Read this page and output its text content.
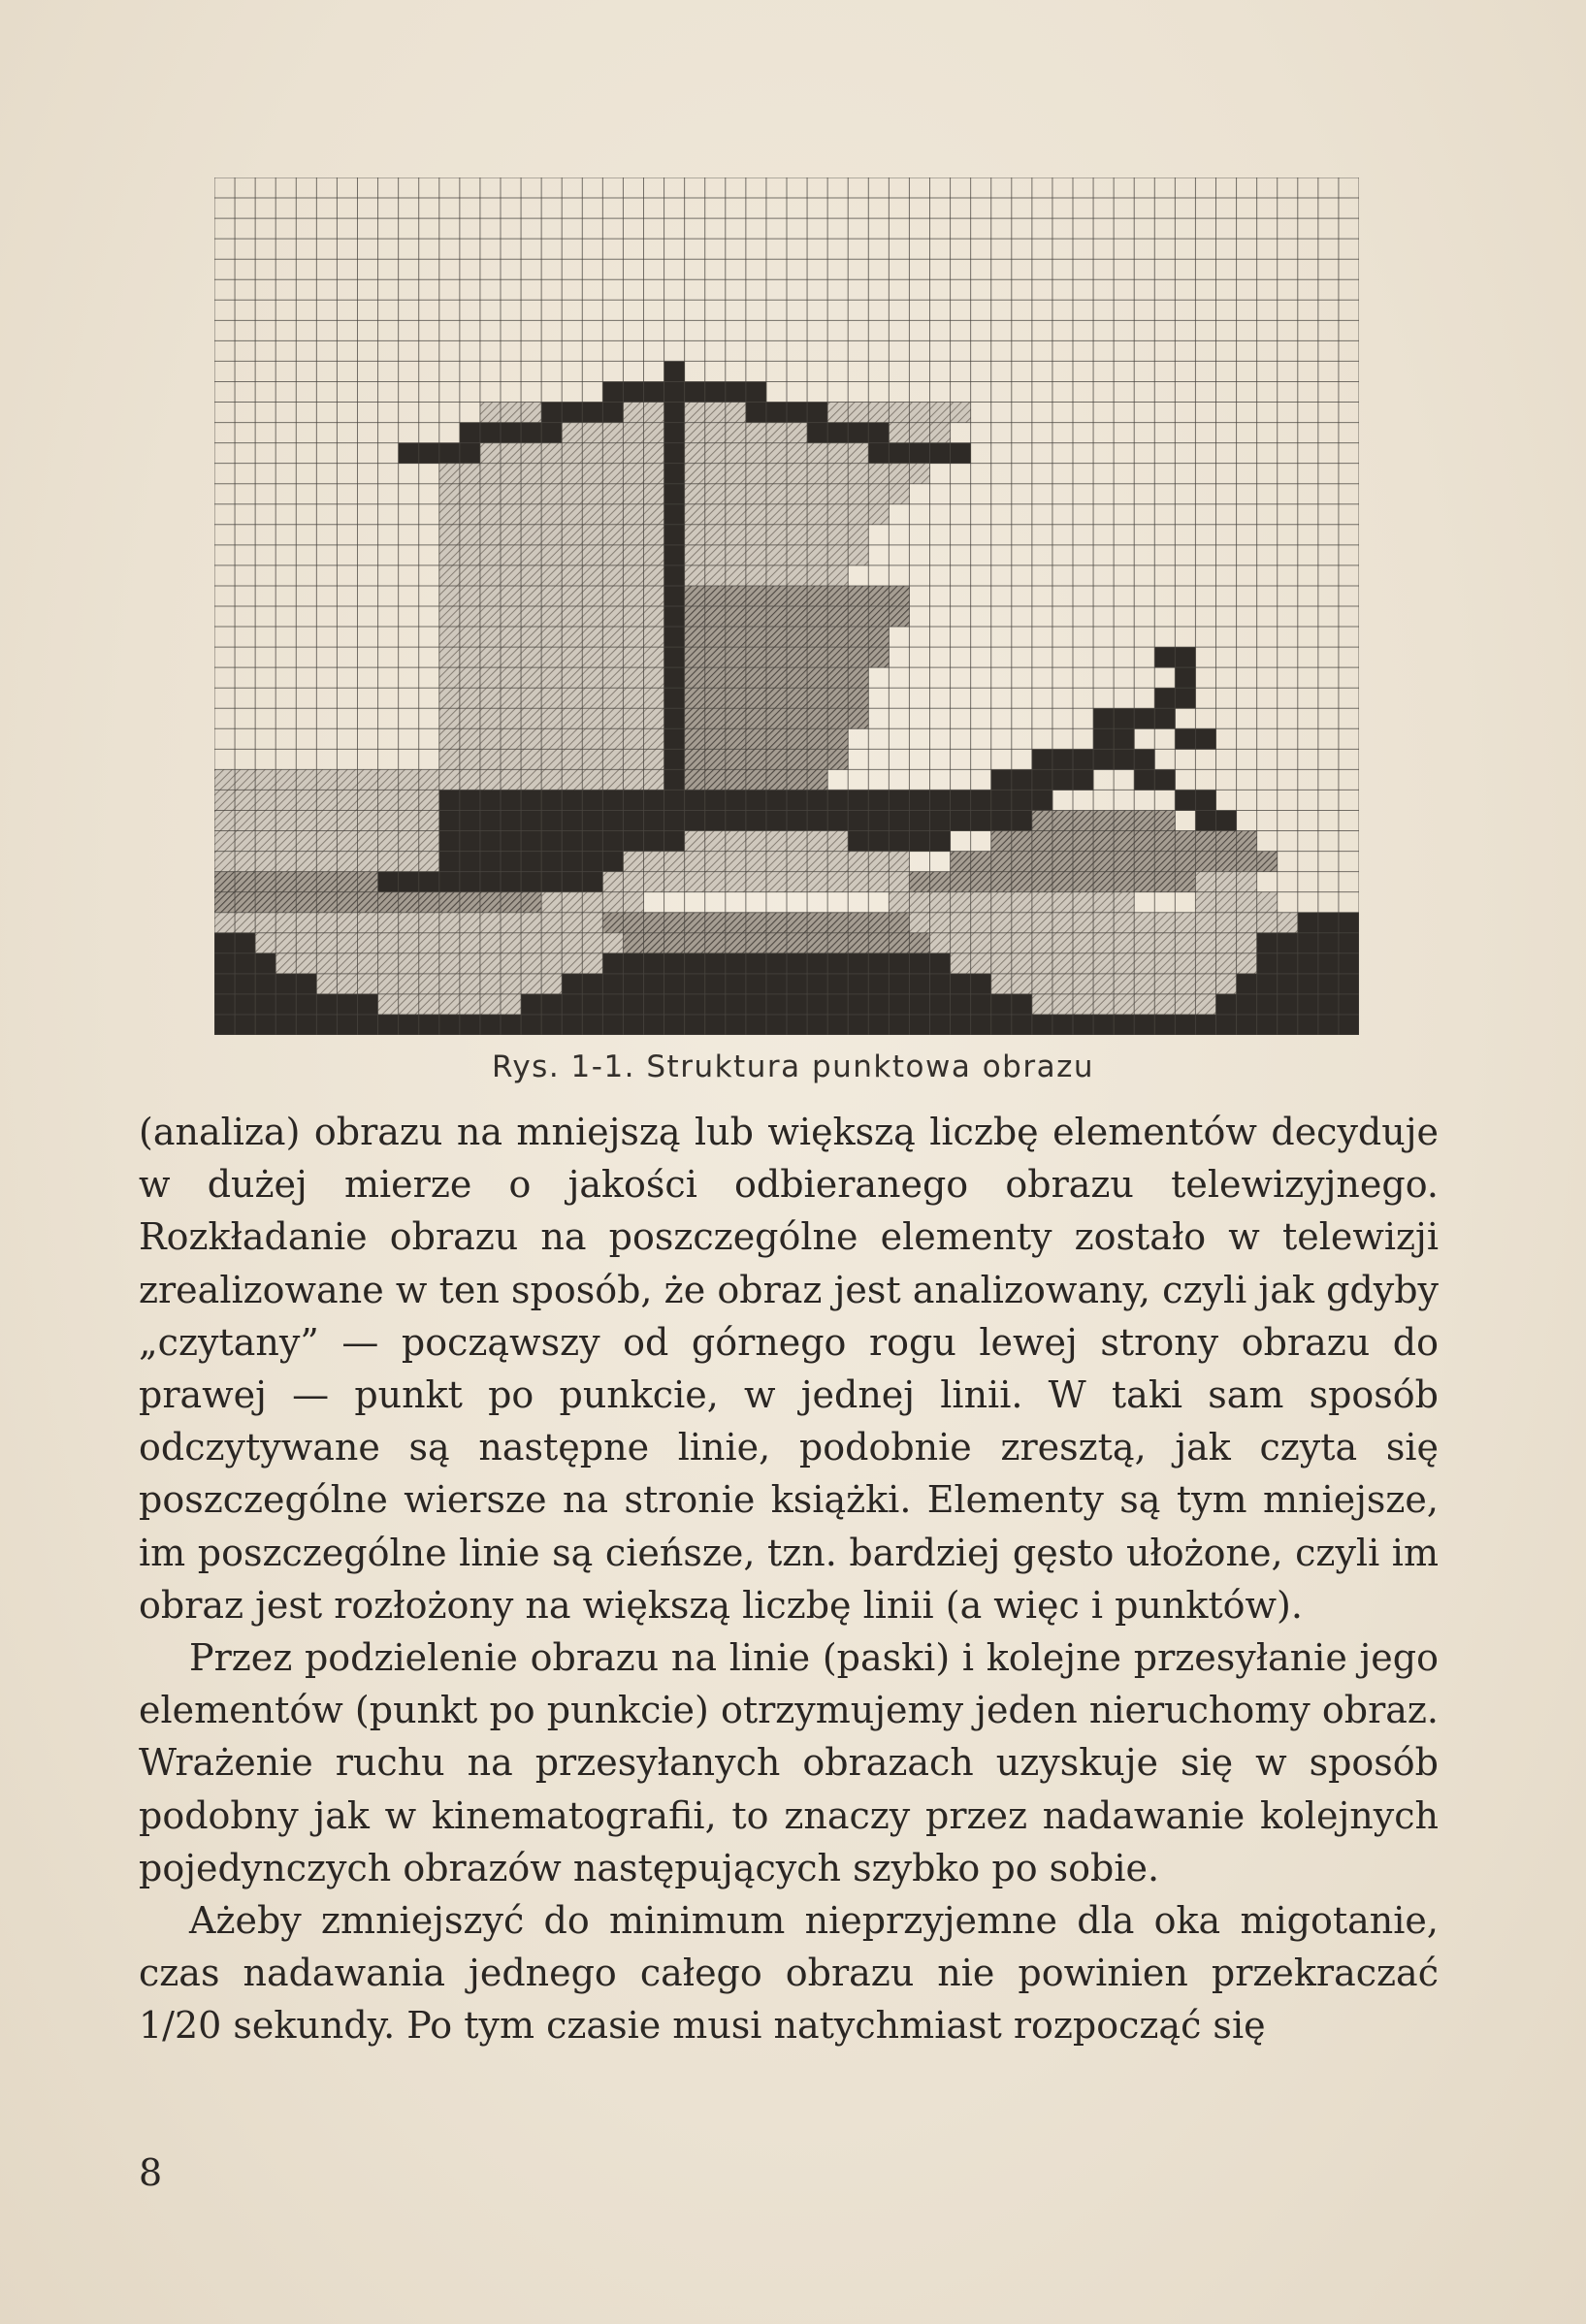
Rys. 1-1. Struktura punktowa obrazu

(analiza) obrazu na mniejszą lub większą liczbę elementów decyduje w dużej mierze o jakości odbieranego obrazu telewizyjnego. Rozkładanie obrazu na poszczególne elementy zostało w telewizji zrealizowane w ten sposób, że obraz jest analizowany, czyli jak gdyby „czytany” — począwszy od górnego rogu lewej strony obrazu do prawej — punkt po punkcie, w jednej linii. W taki sam sposób odczytywane są następne linie, podobnie zresztą, jak czyta się poszczególne wiersze na stronie książki. Elementy są tym mniejsze, im poszczególne linie są cieńsze, tzn. bardziej gęsto ułożone, czyli im obraz jest rozłożony na większą liczbę linii (a więc i punktów).

Przez podzielenie obrazu na linie (paski) i kolejne przesyłanie jego elementów (punkt po punkcie) otrzymujemy jeden nieruchomy obraz. Wrażenie ruchu na przesyłanych obrazach uzyskuje się w sposób podobny jak w kinematografii, to znaczy przez nadawanie kolejnych pojedynczych obrazów następujących szybko po sobie.

Ażeby zmniejszyć do minimum nieprzyjemne dla oka migotanie, czas nadawania jednego całego obrazu nie powinien przekraczać 1/20 sekundy. Po tym czasie musi natychmiast rozpocząć się

8
